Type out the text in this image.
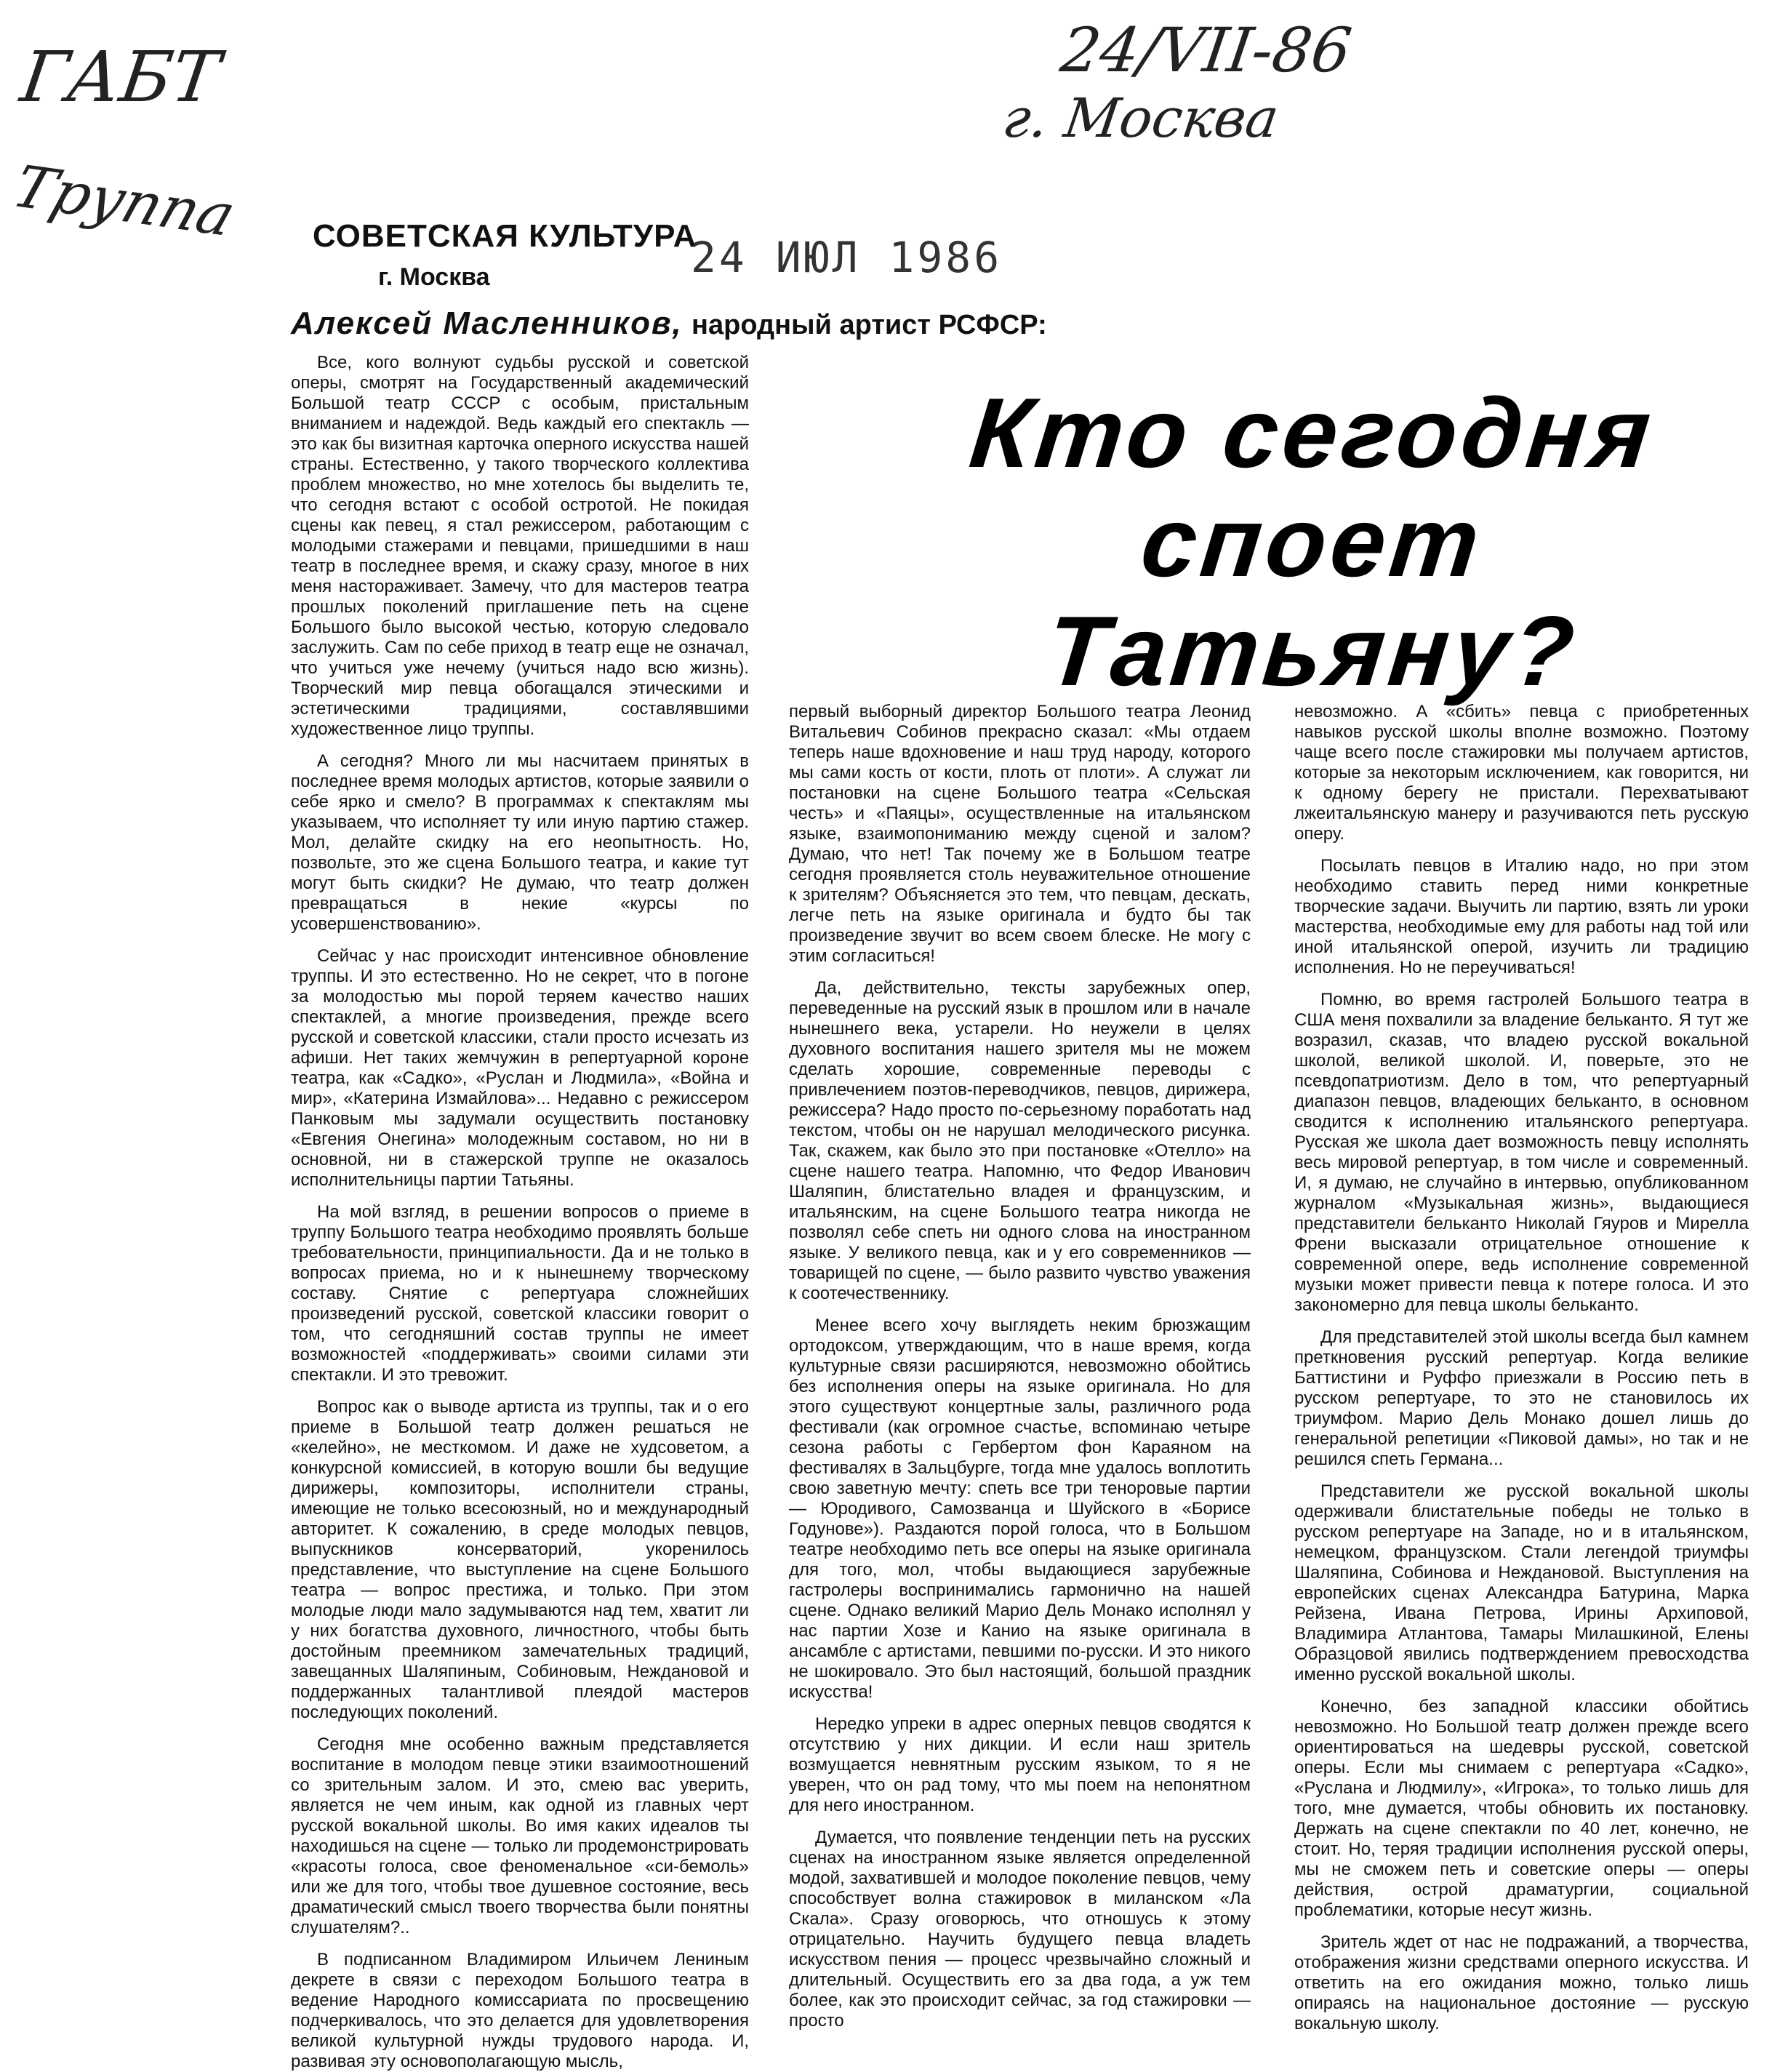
ГАБТ
Труппа
24/VII-86
г. Москва
СОВЕТСКАЯ КУЛЬТУРА
г. Москва	24 ИЮЛ 1986
Алексей Масленников, народный артист РСФСР:
Кто сегодня
споет
Татьяну?

Все, кого волнуют судьбы русской и советской оперы, смотрят на Государственный академический Большой театр СССР с особым, пристальным вниманием и надеждой. Ведь каждый его спектакль — это как бы визитная карточка оперного искусства нашей страны. Естественно, у такого творческого коллектива проблем множество, но мне хотелось бы выделить те, что сегодня встают с особой остротой. Не покидая сцены как певец, я стал режиссером, работающим с молодыми стажерами и певцами, пришедшими в наш театр в последнее время, и скажу сразу, многое в них меня настораживает. Замечу, что для мастеров театра прошлых поколений приглашение петь на сцене Большого было высокой честью, которую следовало заслужить. Сам по себе приход в театр еще не означал, что учиться уже нечему (учиться надо всю жизнь). Творческий мир певца обогащался этическими и эстетическими традициями, составлявшими художественное лицо труппы.

А сегодня? Много ли мы насчитаем принятых в последнее время молодых артистов, которые заявили о себе ярко и смело? В программах к спектаклям мы указываем, что исполняет ту или иную партию стажер. Мол, делайте скидку на его неопытность. Но, позвольте, это же сцена Большого театра, и какие тут могут быть скидки? Не думаю, что театр должен превращаться в некие «курсы по усовершенствованию».

Сейчас у нас происходит интенсивное обновление труппы. И это естественно. Но не секрет, что в погоне за молодостью мы порой теряем качество наших спектаклей, а многие произведения, прежде всего русской и советской классики, стали просто исчезать из афиши. Нет таких жемчужин в репертуарной короне театра, как «Садко», «Руслан и Людмила», «Война и мир», «Катерина Измайлова»... Недавно с режиссером Панковым мы задумали осуществить постановку «Евгения Онегина» молодежным составом, но ни в основной, ни в стажерской труппе не оказалось исполнительницы партии Татьяны.

На мой взгляд, в решении вопросов о приеме в труппу Большого театра необходимо проявлять больше требовательности, принципиальности. Да и не только в вопросах приема, но и к нынешнему творческому составу. Снятие с репертуара сложнейших произведений русской, советской классики говорит о том, что сегодняшний состав труппы не имеет возможностей «поддерживать» своими силами эти спектакли. И это тревожит.

Вопрос как о выводе артиста из труппы, так и о его приеме в Большой театр должен решаться не «келейно», не месткомом. И даже не худсоветом, а конкурсной комиссией, в которую вошли бы ведущие дирижеры, композиторы, исполнители страны, имеющие не только всесоюзный, но и международный авторитет. К сожалению, в среде молодых певцов, выпускников консерваторий, укоренилось представление, что выступление на сцене Большого театра — вопрос престижа, и только. При этом молодые люди мало задумываются над тем, хватит ли у них богатства духовного, личностного, чтобы быть достойным преемником замечательных традиций, завещанных Шаляпиным, Собиновым, Неждановой и поддержанных талантливой плеядой мастеров последующих поколений.

Сегодня мне особенно важным представляется воспитание в молодом певце этики взаимоотношений со зрительным залом. И это, смею вас уверить, является не чем иным, как одной из главных черт русской вокальной школы. Во имя каких идеалов ты находишься на сцене — только ли продемонстрировать «красоты голоса, свое феноменальное «си-бемоль» или же для того, чтобы твое душевное состояние, весь драматический смысл твоего творчества были понятны слушателям?..

В подписанном Владимиром Ильичем Лениным декрете в связи с переходом Большого театра в ведение Народного комиссариата по просвещению подчеркивалось, что это делается для удовлетворения великой культурной нужды трудового народа. И, развивая эту основополагающую мысль,

первый выборный директор Большого театра Леонид Витальевич Собинов прекрасно сказал: «Мы отдаем теперь наше вдохновение и наш труд народу, которого мы сами кость от кости, плоть от плоти». А служат ли постановки на сцене Большого театра «Сельская честь» и «Паяцы», осуществленные на итальянском языке, взаимопониманию между сценой и залом? Думаю, что нет! Так почему же в Большом театре сегодня проявляется столь неуважительное отношение к зрителям? Объясняется это тем, что певцам, дескать, легче петь на языке оригинала и будто бы так произведение звучит во всем своем блеске. Не могу с этим согласиться!

Да, действительно, тексты зарубежных опер, переведенные на русский язык в прошлом или в начале нынешнего века, устарели. Но неужели в целях духовного воспитания нашего зрителя мы не можем сделать хорошие, современные переводы с привлечением поэтов-переводчиков, певцов, дирижера, режиссера? Надо просто по-серьезному поработать над текстом, чтобы он не нарушал мелодического рисунка. Так, скажем, как было это при постановке «Отелло» на сцене нашего театра. Напомню, что Федор Иванович Шаляпин, блистательно владея и французским, и итальянским, на сцене Большого театра никогда не позволял себе спеть ни одного слова на иностранном языке. У великого певца, как и у его современников — товарищей по сцене, — было развито чувство уважения к соотечественнику.

Менее всего хочу выглядеть неким брюзжащим ортодоксом, утверждающим, что в наше время, когда культурные связи расширяются, невозможно обойтись без исполнения оперы на языке оригинала. Но для этого существуют концертные залы, различного рода фестивали (как огромное счастье, вспоминаю четыре сезона работы с Гербертом фон Караяном на фестивалях в Зальцбурге, тогда мне удалось воплотить свою заветную мечту: спеть все три теноровые партии — Юродивого, Самозванца и Шуйского в «Борисе Годунове»). Раздаются порой голоса, что в Большом театре необходимо петь все оперы на языке оригинала для того, мол, чтобы выдающиеся зарубежные гастролеры воспринимались гармонично на нашей сцене. Однако великий Марио Дель Монако исполнял у нас партии Хозе и Канио на языке оригинала в ансамбле с артистами, певшими по-русски. И это никого не шокировало. Это был настоящий, большой праздник искусства!

Нередко упреки в адрес оперных певцов сводятся к отсутствию у них дикции. И если наш зритель возмущается невнятным русским языком, то я не уверен, что он рад тому, что мы поем на непонятном для него иностранном.

Думается, что появление тенденции петь на русских сценах на иностранном языке является определенной модой, захватившей и молодое поколение певцов, чему способствует волна стажировок в миланском «Ла Скала». Сразу оговорюсь, что отношусь к этому отрицательно. Научить будущего певца владеть искусством пения — процесс чрезвычайно сложный и длительный. Осуществить его за два года, а уж тем более, как это происходит сейчас, за год стажировки — просто

невозможно. А «сбить» певца с приобретенных навыков русской школы вполне возможно. Поэтому чаще всего после стажировки мы получаем артистов, которые за некоторым исключением, как говорится, ни к одному берегу не пристали. Перехватывают лжеитальянскую манеру и разучиваются петь русскую оперу.

Посылать певцов в Италию надо, но при этом необходимо ставить перед ними конкретные творческие задачи. Выучить ли партию, взять ли уроки мастерства, необходимые ему для работы над той или иной итальянской оперой, изучить ли традицию исполнения. Но не переучиваться!

Помню, во время гастролей Большого театра в США меня похвалили за владение бельканто. Я тут же возразил, сказав, что владею русской вокальной школой, великой школой. И, поверьте, это не псевдопатриотизм. Дело в том, что репертуарный диапазон певцов, владеющих бельканто, в основном сводится к исполнению итальянского репертуара. Русская же школа дает возможность певцу исполнять весь мировой репертуар, в том числе и современный. И, я думаю, не случайно в интервью, опубликованном журналом «Музыкальная жизнь», выдающиеся представители бельканто Николай Гяуров и Мирелла Френи высказали отрицательное отношение к современной опере, ведь исполнение современной музыки может привести певца к потере голоса. И это закономерно для певца школы бельканто.

Для представителей этой школы всегда был камнем преткновения русский репертуар. Когда великие Баттистини и Руффо приезжали в Россию петь в русском репертуаре, то это не становилось их триумфом. Марио Дель Монако дошел лишь до генеральной репетиции «Пиковой дамы», но так и не решился спеть Германа...

Представители же русской вокальной школы одерживали блистательные победы не только в русском репертуаре на Западе, но и в итальянском, немецком, французском. Стали легендой триумфы Шаляпина, Собинова и Неждановой. Выступления на европейских сценах Александра Батурина, Марка Рейзена, Ивана Петрова, Ирины Архиповой, Владимира Атлантова, Тамары Милашкиной, Елены Образцовой явились подтверждением превосходства именно русской вокальной школы.

Конечно, без западной классики обойтись невозможно. Но Большой театр должен прежде всего ориентироваться на шедевры русской, советской оперы. Если мы снимаем с репертуара «Садко», «Руслана и Людмилу», «Игрока», то только лишь для того, мне думается, чтобы обновить их постановку. Держать на сцене спектакли по 40 лет, конечно, не стоит. Но, теряя традиции исполнения русской оперы, мы не сможем петь и советские оперы — оперы действия, острой драматургии, социальной проблематики, которые несут жизнь.

Зритель ждет от нас не подражаний, а творчества, отображения жизни средствами оперного искусства. И ответить на его ожидания можно, только лишь опираясь на национальное достояние — русскую вокальную школу.
